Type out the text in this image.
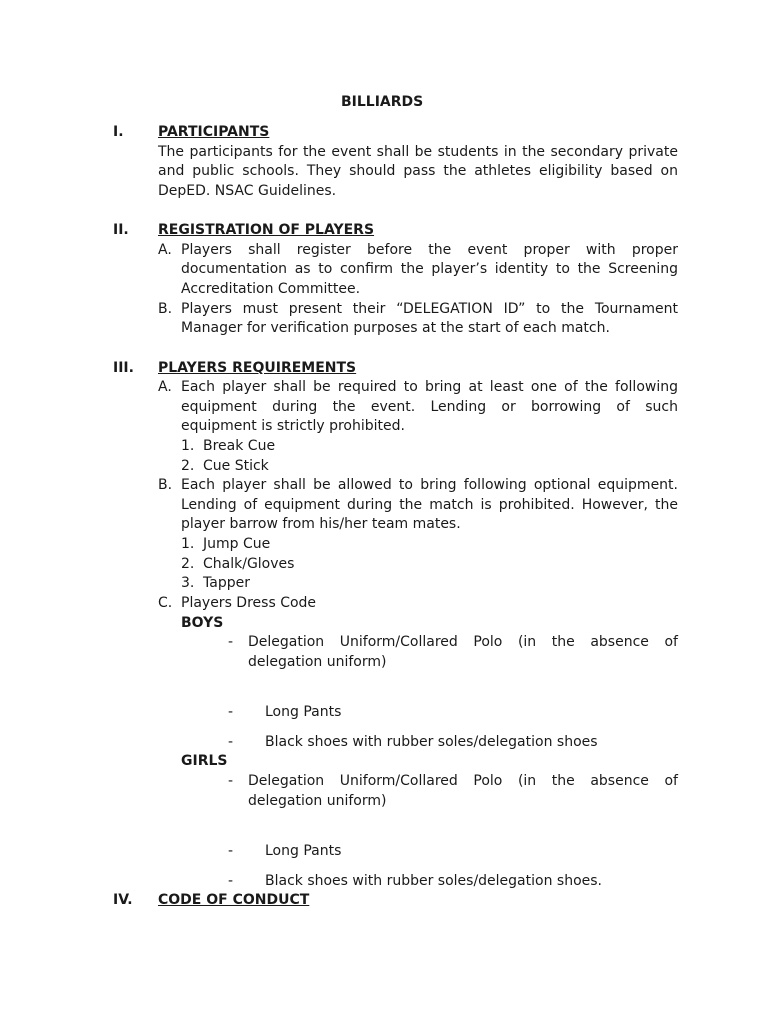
BILLIARDS
I. PARTICIPANTS
The participants for the event shall be students in the secondary private
and public schools. They should pass the athletes eligibility based on
DepED. NSAC Guidelines.
II. REGISTRATION OF PLAYERS
A. Players shall register before the event proper with proper
documentation as to confirm the player’s identity to the Screening
Accreditation Committee.
B. Players must present their “DELEGATION ID” to the Tournament
Manager for verification purposes at the start of each match.
III. PLAYERS REQUIREMENTS
A. Each player shall be required to bring at least one of the following
equipment during the event. Lending or borrowing of such
equipment is strictly prohibited.
1. Break Cue
2. Cue Stick
B. Each player shall be allowed to bring following optional equipment.
Lending of equipment during the match is prohibited. However, the
player barrow from his/her team mates.
1. Jump Cue
2. Chalk/Gloves
3. Tapper
C. Players Dress Code
BOYS
- Delegation Uniform/Collared Polo (in the absence of
delegation uniform)
- Long Pants
- Black shoes with rubber soles/delegation shoes
GIRLS
- Delegation Uniform/Collared Polo (in the absence of
delegation uniform)
- Long Pants
- Black shoes with rubber soles/delegation shoes.
IV. CODE OF CONDUCT
